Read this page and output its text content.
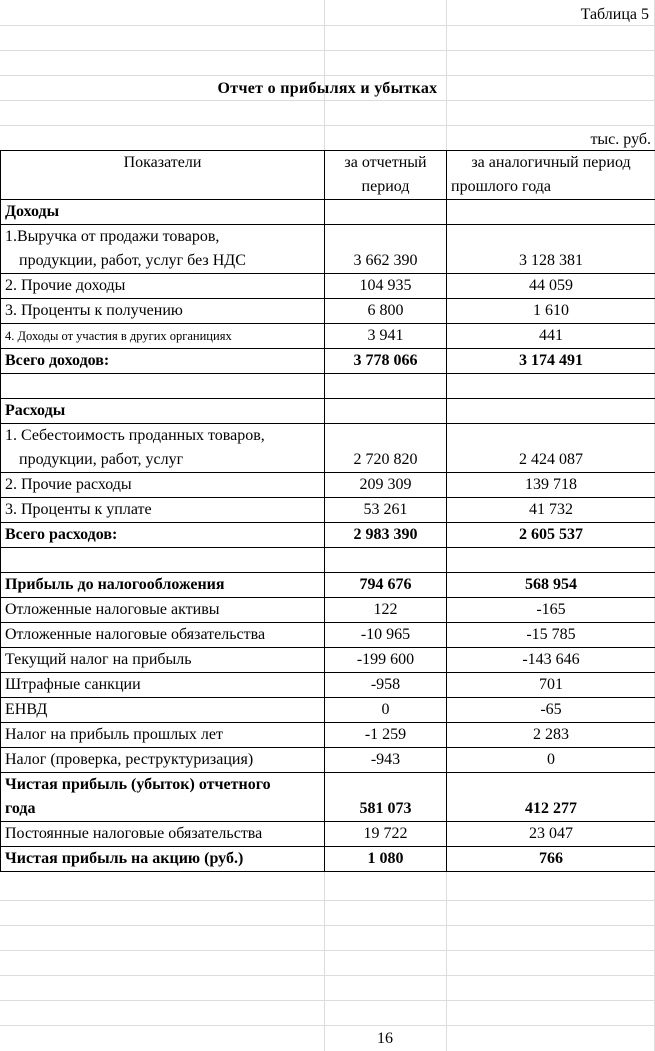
Таблица 5
Отчет о прибылях и убытках
тыс. руб.
Показатели	за отчетный	за аналогичный период
	период	прошлого года
Доходы		
1.Выручка от продажи товаров,		
продукции, работ, услуг без НДС	3 662 390	3 128 381
2. Прочие доходы	104 935	44 059
3. Проценты к получению	6 800	1 610
4. Доходы от участия в других органициях	3 941	441
Всего доходов:	3 778 066	3 174 491

Расходы		
1. Себестоимость проданных товаров,		
продукции, работ, услуг	2 720 820	2 424 087
2. Прочие расходы	209 309	139 718
3. Проценты к уплате	53 261	41 732
Всего расходов:	2 983 390	2 605 537

Прибыль до налогообложения	794 676	568 954
Отложенные налоговые активы	122	-165
Отложенные налоговые обязательства	-10 965	-15 785
Текущий налог на прибыль	-199 600	-143 646
Штрафные санкции	-958	701
ЕНВД	0	-65
Налог на прибыль прошлых лет	-1 259	2 283
Налог (проверка, реструктуризация)	-943	0
Чистая прибыль (убыток) отчетного		
года	581 073	412 277
Постоянные налоговые обязательства	19 722	23 047
Чистая прибыль на акцию (руб.)	1 080	766
16
